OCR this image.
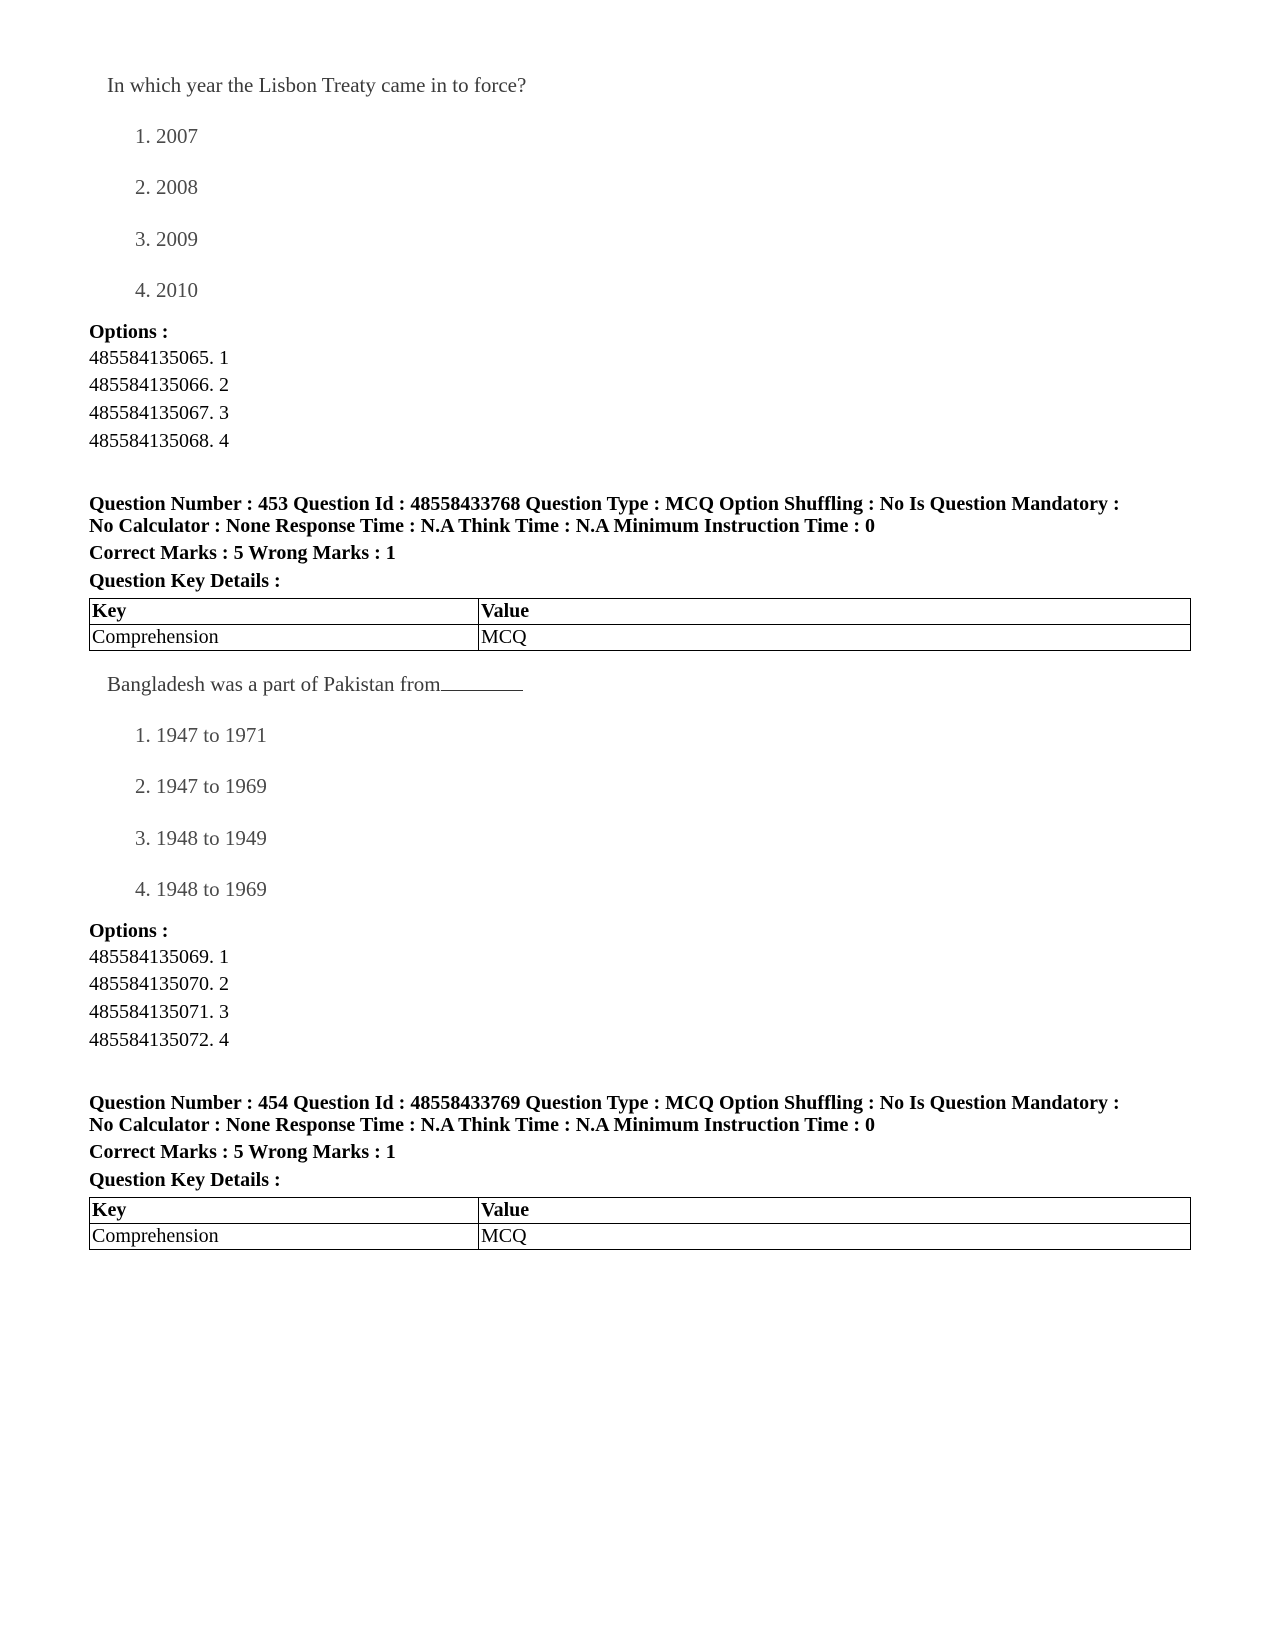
In which year the Lisbon Treaty came in to force?
1. 2007
2. 2008
3. 2009
4. 2010
Options :
485584135065. 1
485584135066. 2
485584135067. 3
485584135068. 4
Question Number : 453 Question Id : 48558433768 Question Type : MCQ Option Shuffling : No Is Question Mandatory :
No Calculator : None Response Time : N.A Think Time : N.A Minimum Instruction Time : 0
Correct Marks : 5 Wrong Marks : 1
Question Key Details :
Key	Value
Comprehension	MCQ
Bangladesh was a part of Pakistan from
1. 1947 to 1971
2. 1947 to 1969
3. 1948 to 1949
4. 1948 to 1969
Options :
485584135069. 1
485584135070. 2
485584135071. 3
485584135072. 4
Question Number : 454 Question Id : 48558433769 Question Type : MCQ Option Shuffling : No Is Question Mandatory :
No Calculator : None Response Time : N.A Think Time : N.A Minimum Instruction Time : 0
Correct Marks : 5 Wrong Marks : 1
Question Key Details :
Key	Value
Comprehension	MCQ
